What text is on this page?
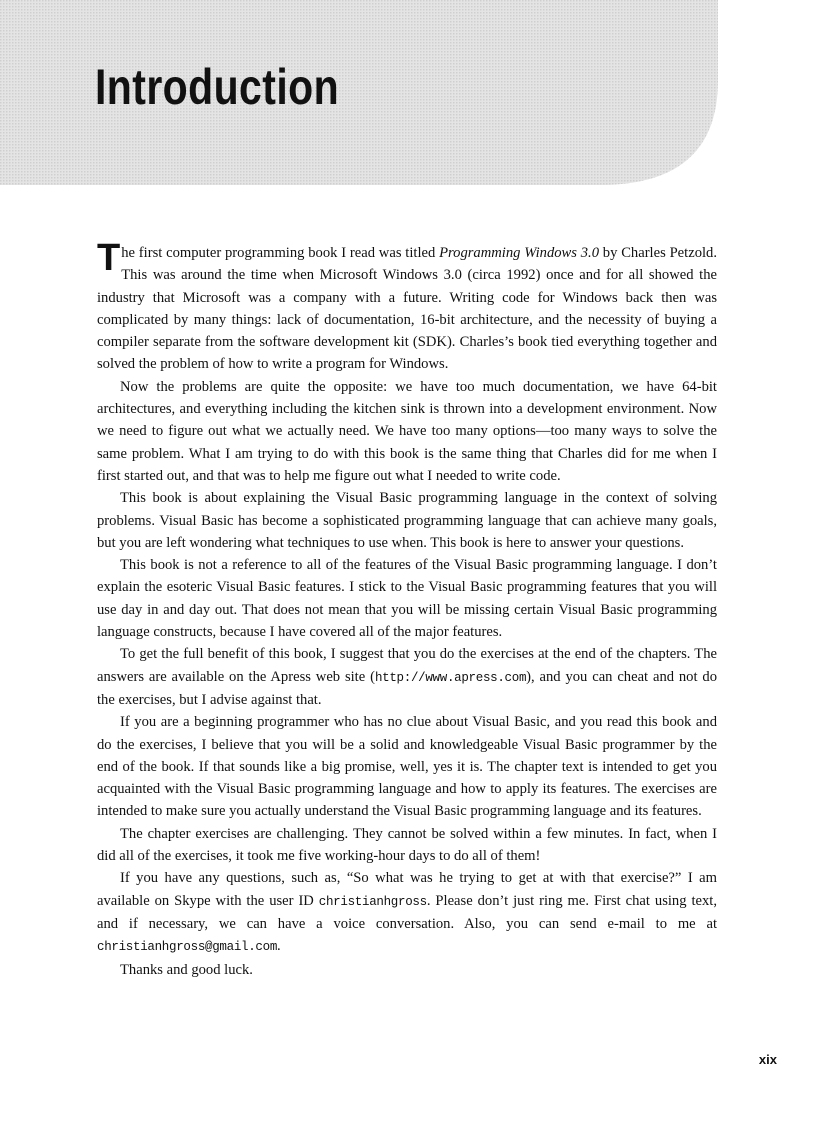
Introduction

The first computer programming book I read was titled Programming Windows 3.0 by Charles Petzold. This was around the time when Microsoft Windows 3.0 (circa 1992) once and for all showed the industry that Microsoft was a company with a future. Writing code for Windows back then was complicated by many things: lack of documentation, 16-bit architecture, and the necessity of buying a compiler separate from the software development kit (SDK). Charles’s book tied everything together and solved the problem of how to write a program for Windows.

Now the problems are quite the opposite: we have too much documentation, we have 64-bit architectures, and everything including the kitchen sink is thrown into a development environment. Now we need to figure out what we actually need. We have too many options—too many ways to solve the same problem. What I am trying to do with this book is the same thing that Charles did for me when I first started out, and that was to help me figure out what I needed to write code.

This book is about explaining the Visual Basic programming language in the context of solving problems. Visual Basic has become a sophisticated programming language that can achieve many goals, but you are left wondering what techniques to use when. This book is here to answer your questions.

This book is not a reference to all of the features of the Visual Basic programming language. I don’t explain the esoteric Visual Basic features. I stick to the Visual Basic programming features that you will use day in and day out. That does not mean that you will be missing certain Visual Basic programming language constructs, because I have covered all of the major features.

To get the full benefit of this book, I suggest that you do the exercises at the end of the chapters. The answers are available on the Apress web site (http://www.apress.com), and you can cheat and not do the exercises, but I advise against that.

If you are a beginning programmer who has no clue about Visual Basic, and you read this book and do the exercises, I believe that you will be a solid and knowledgeable Visual Basic programmer by the end of the book. If that sounds like a big promise, well, yes it is. The chapter text is intended to get you acquainted with the Visual Basic programming language and how to apply its features. The exercises are intended to make sure you actually understand the Visual Basic programming language and its features.

The chapter exercises are challenging. They cannot be solved within a few minutes. In fact, when I did all of the exercises, it took me five working-hour days to do all of them!

If you have any questions, such as, “So what was he trying to get at with that exercise?” I am available on Skype with the user ID christianhgross. Please don’t just ring me. First chat using text, and if necessary, we can have a voice conversation. Also, you can send e-mail to me at christianhgross@gmail.com.

Thanks and good luck.

xix
